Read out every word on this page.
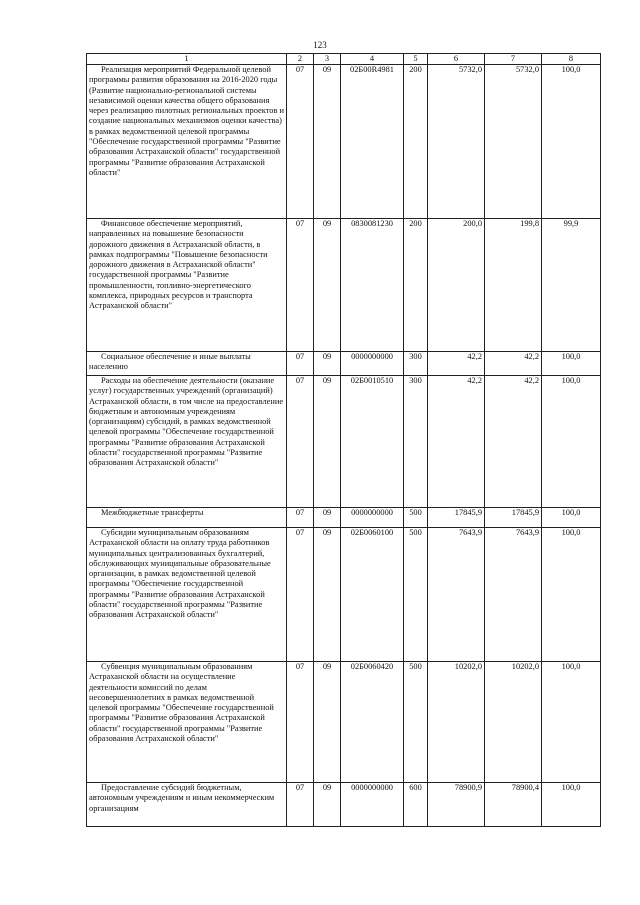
123
1	2	3	4	5	6	7	8
Реализация мероприятий Федеральной целевой программы развития образования на 2016-2020 годы (Развитие национально-региональной системы независимой оценки качества общего образования через реализацию пилотных региональных проектов и создание национальных механизмов оценки качества) в рамках ведомственной целевой программы "Обеспечение государственной программы "Развитие образования Астраханской области" государственной программы "Развитие образования Астраханской области"	07	09	02Б00R4981	200	5732,0	5732,0	100,0
Финансовое обеспечение мероприятий, направленных на повышение безопасности дорожного движения в Астраханской области, в рамках подпрограммы "Повышение безопасности дорожного движения в Астраханской области" государственной программы "Развитие промышленности, топливно-энергетического комплекса, природных ресурсов и транспорта Астраханской области"	07	09	0830081230	200	200,0	199,8	99,9
Социальное обеспечение и иные выплаты населению	07	09	0000000000	300	42,2	42,2	100,0
Расходы на обеспечение деятельности (оказание услуг) государственных учреждений (организаций) Астраханской области, в том числе на предоставление бюджетным и автономным учреждениям (организациям) субсидий, в рамках ведомственной целевой программы "Обеспечение государственной программы "Развитие образования Астраханской области" государственной программы "Развитие образования Астраханской области"	07	09	02Б0010510	300	42,2	42,2	100,0
Межбюджетные трансферты	07	09	0000000000	500	17845,9	17845,9	100,0
Субсидии муниципальным образованиям Астраханской области на оплату труда работников муниципальных централизованных бухгалтерий, обслуживающих муниципальные образовательные организации, в рамках ведомственной целевой программы "Обеспечение государственной программы "Развитие образования Астраханской области" государственной программы "Развитие образования Астраханской области"	07	09	02Б0060100	500	7643,9	7643,9	100,0
Субвенция муниципальным образованиям Астраханской области на осуществление деятельности комиссий по делам несовершеннолетних в рамках ведомственной целевой программы "Обеспечение государственной программы "Развитие образования Астраханской области" государственной программы "Развитие образования Астраханской области"	07	09	02Б0060420	500	10202,0	10202,0	100,0
Предоставление субсидий бюджетным, автономным учреждениям и иным некоммерческим организациям	07	09	0000000000	600	78900,9	78900,4	100,0
